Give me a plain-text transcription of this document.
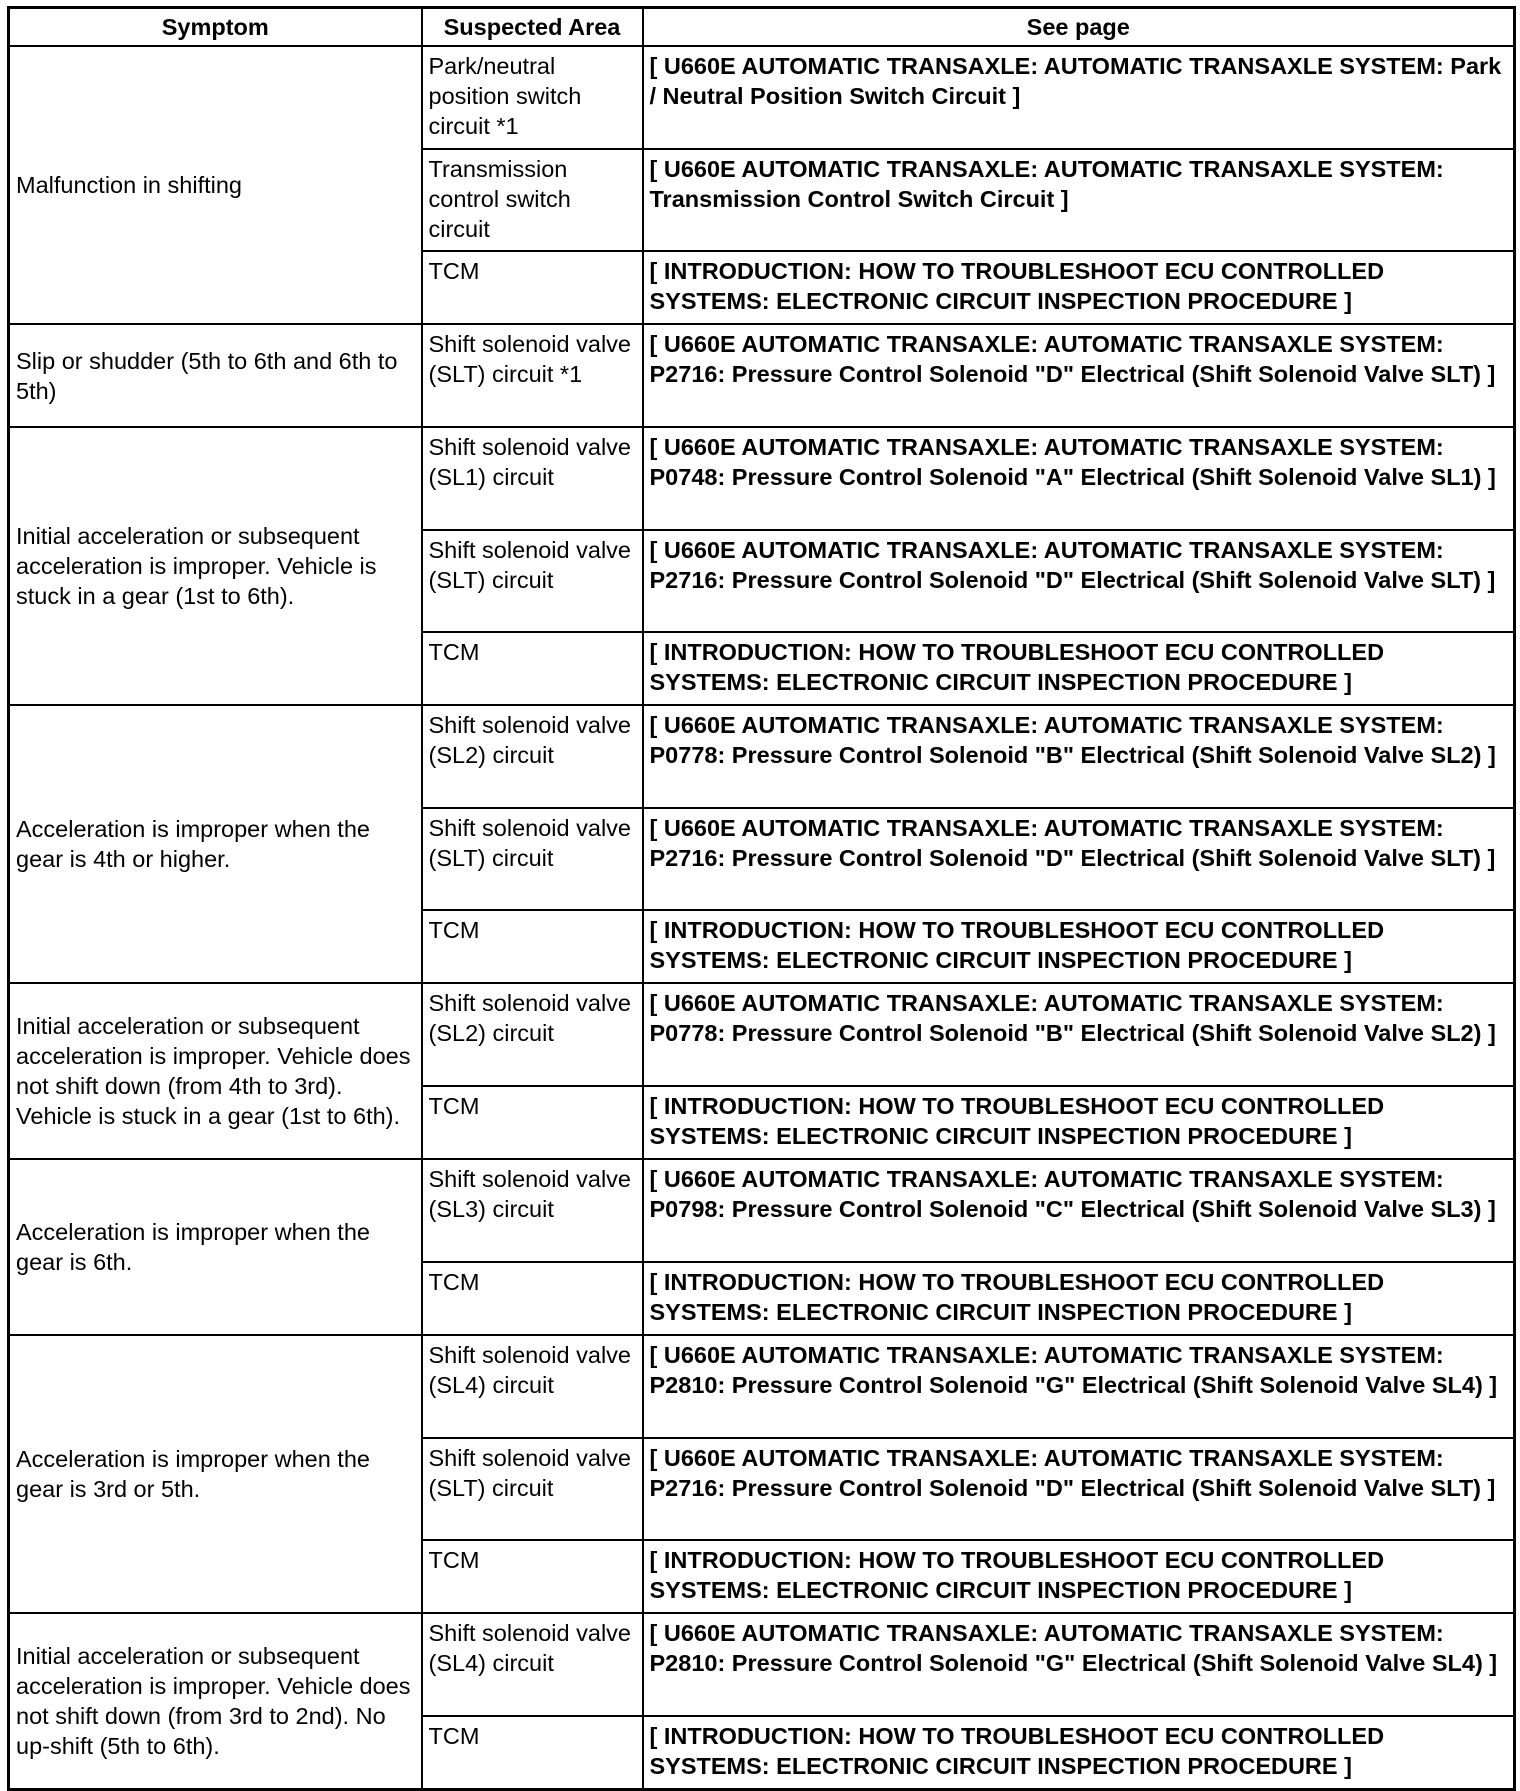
Symptom	Suspected Area	See page
Malfunction in shifting	Park/neutral position switch circuit *1	[ U660E AUTOMATIC TRANSAXLE: AUTOMATIC TRANSAXLE SYSTEM: Park / Neutral Position Switch Circuit ]
	Transmission control switch circuit	[ U660E AUTOMATIC TRANSAXLE: AUTOMATIC TRANSAXLE SYSTEM: Transmission Control Switch Circuit ]
	TCM	[ INTRODUCTION: HOW TO TROUBLESHOOT ECU CONTROLLED SYSTEMS: ELECTRONIC CIRCUIT INSPECTION PROCEDURE ]
Slip or shudder (5th to 6th and 6th to 5th)	Shift solenoid valve (SLT) circuit *1	[ U660E AUTOMATIC TRANSAXLE: AUTOMATIC TRANSAXLE SYSTEM: P2716: Pressure Control Solenoid "D" Electrical (Shift Solenoid Valve SLT) ]
Initial acceleration or subsequent acceleration is improper. Vehicle is stuck in a gear (1st to 6th).	Shift solenoid valve (SL1) circuit	[ U660E AUTOMATIC TRANSAXLE: AUTOMATIC TRANSAXLE SYSTEM: P0748: Pressure Control Solenoid "A" Electrical (Shift Solenoid Valve SL1) ]
	Shift solenoid valve (SLT) circuit	[ U660E AUTOMATIC TRANSAXLE: AUTOMATIC TRANSAXLE SYSTEM: P2716: Pressure Control Solenoid "D" Electrical (Shift Solenoid Valve SLT) ]
	TCM	[ INTRODUCTION: HOW TO TROUBLESHOOT ECU CONTROLLED SYSTEMS: ELECTRONIC CIRCUIT INSPECTION PROCEDURE ]
Acceleration is improper when the gear is 4th or higher.	Shift solenoid valve (SL2) circuit	[ U660E AUTOMATIC TRANSAXLE: AUTOMATIC TRANSAXLE SYSTEM: P0778: Pressure Control Solenoid "B" Electrical (Shift Solenoid Valve SL2) ]
	Shift solenoid valve (SLT) circuit	[ U660E AUTOMATIC TRANSAXLE: AUTOMATIC TRANSAXLE SYSTEM: P2716: Pressure Control Solenoid "D" Electrical (Shift Solenoid Valve SLT) ]
	TCM	[ INTRODUCTION: HOW TO TROUBLESHOOT ECU CONTROLLED SYSTEMS: ELECTRONIC CIRCUIT INSPECTION PROCEDURE ]
Initial acceleration or subsequent acceleration is improper. Vehicle does not shift down (from 4th to 3rd). Vehicle is stuck in a gear (1st to 6th).	Shift solenoid valve (SL2) circuit	[ U660E AUTOMATIC TRANSAXLE: AUTOMATIC TRANSAXLE SYSTEM: P0778: Pressure Control Solenoid "B" Electrical (Shift Solenoid Valve SL2) ]
	TCM	[ INTRODUCTION: HOW TO TROUBLESHOOT ECU CONTROLLED SYSTEMS: ELECTRONIC CIRCUIT INSPECTION PROCEDURE ]
Acceleration is improper when the gear is 6th.	Shift solenoid valve (SL3) circuit	[ U660E AUTOMATIC TRANSAXLE: AUTOMATIC TRANSAXLE SYSTEM: P0798: Pressure Control Solenoid "C" Electrical (Shift Solenoid Valve SL3) ]
	TCM	[ INTRODUCTION: HOW TO TROUBLESHOOT ECU CONTROLLED SYSTEMS: ELECTRONIC CIRCUIT INSPECTION PROCEDURE ]
Acceleration is improper when the gear is 3rd or 5th.	Shift solenoid valve (SL4) circuit	[ U660E AUTOMATIC TRANSAXLE: AUTOMATIC TRANSAXLE SYSTEM: P2810: Pressure Control Solenoid "G" Electrical (Shift Solenoid Valve SL4) ]
	Shift solenoid valve (SLT) circuit	[ U660E AUTOMATIC TRANSAXLE: AUTOMATIC TRANSAXLE SYSTEM: P2716: Pressure Control Solenoid "D" Electrical (Shift Solenoid Valve SLT) ]
	TCM	[ INTRODUCTION: HOW TO TROUBLESHOOT ECU CONTROLLED SYSTEMS: ELECTRONIC CIRCUIT INSPECTION PROCEDURE ]
Initial acceleration or subsequent acceleration is improper. Vehicle does not shift down (from 3rd to 2nd). No up-shift (5th to 6th).	Shift solenoid valve (SL4) circuit	[ U660E AUTOMATIC TRANSAXLE: AUTOMATIC TRANSAXLE SYSTEM: P2810: Pressure Control Solenoid "G" Electrical (Shift Solenoid Valve SL4) ]
	TCM	[ INTRODUCTION: HOW TO TROUBLESHOOT ECU CONTROLLED SYSTEMS: ELECTRONIC CIRCUIT INSPECTION PROCEDURE ]
